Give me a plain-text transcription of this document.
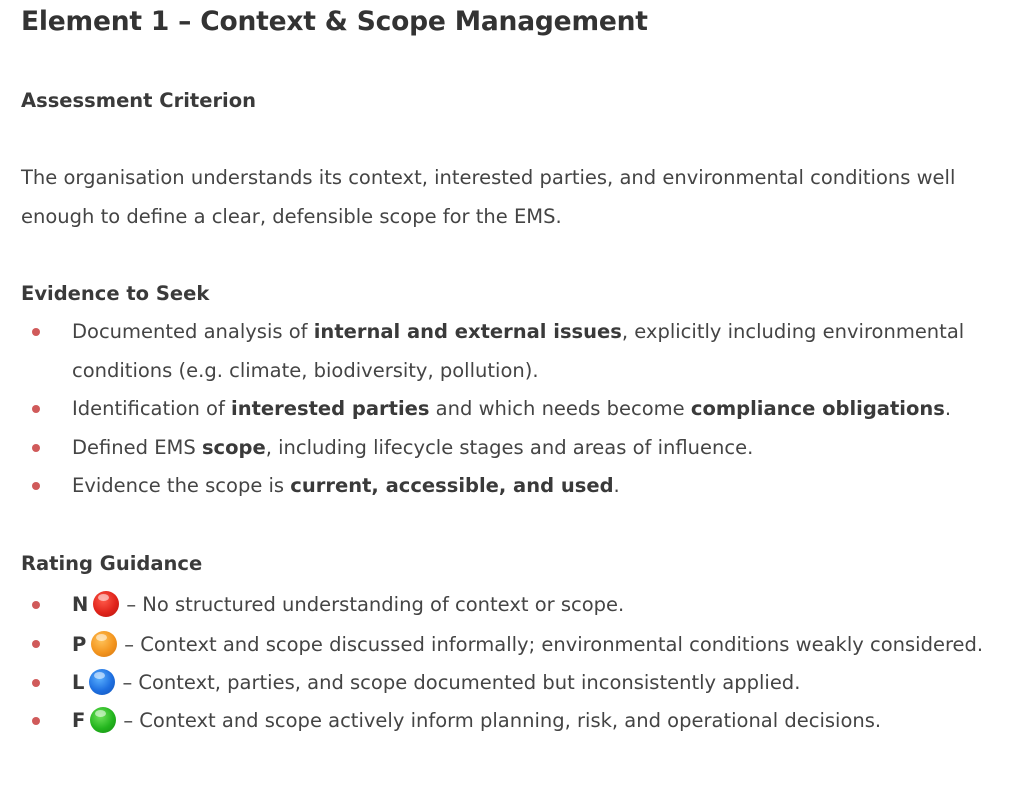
Element 1 – Context & Scope Management
Assessment Criterion

The organisation understands its context, interested parties, and environmental conditions well enough to define a clear, defensible scope for the EMS.

Evidence to Seek
Documented analysis of internal and external issues, explicitly including environmental conditions (e.g. climate, biodiversity, pollution).
Identification of interested parties and which needs become compliance obligations.
Defined EMS scope, including lifecycle stages and areas of influence.
Evidence the scope is current, accessible, and used.
Rating Guidance
N – No structured understanding of context or scope.
P – Context and scope discussed informally; environmental conditions weakly considered.
L – Context, parties, and scope documented but inconsistently applied.
F – Context and scope actively inform planning, risk, and operational decisions.
